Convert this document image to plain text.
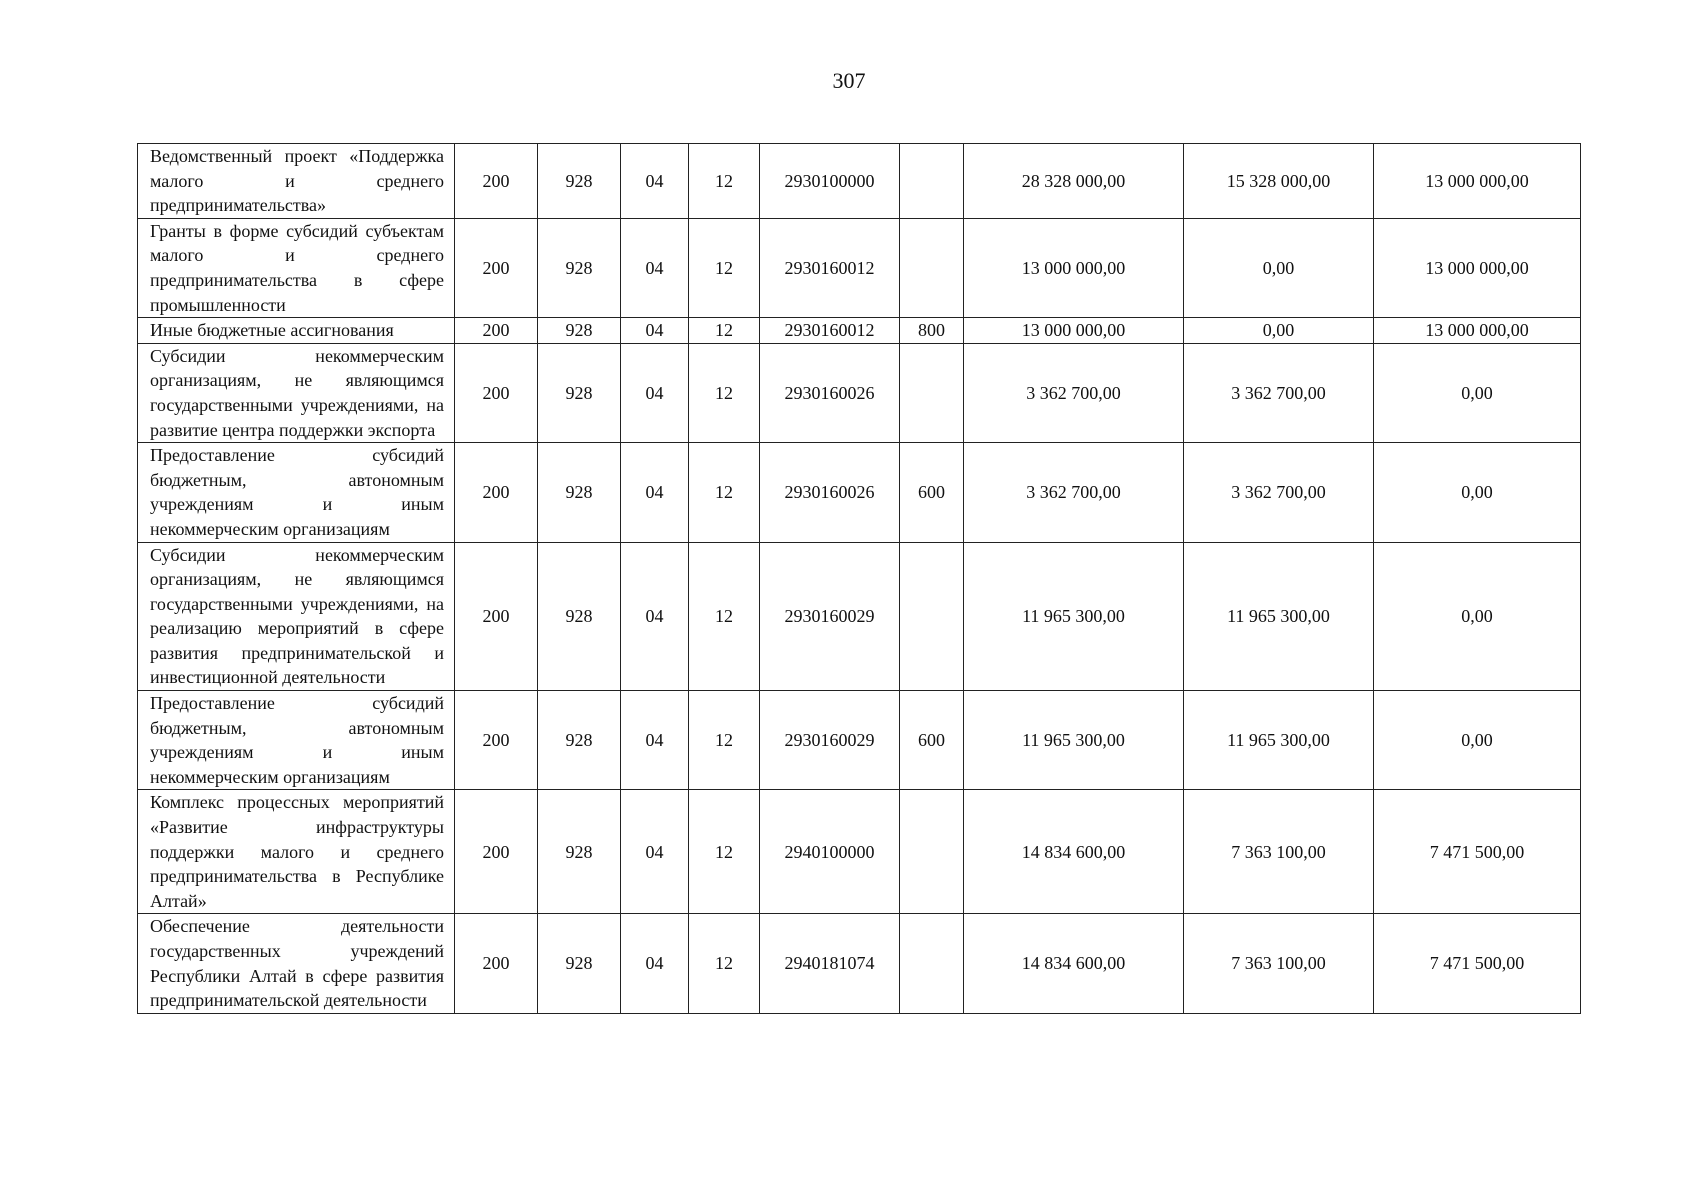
307
Ведомственный проект «Поддержка малого и среднего предпринимательства»	200	928	04	12	2930100000		28 328 000,00	15 328 000,00	13 000 000,00
Гранты в форме субсидий субъектам малого и среднего предпринимательства в сфере промышленности	200	928	04	12	2930160012		13 000 000,00	0,00	13 000 000,00
Иные бюджетные ассигнования	200	928	04	12	2930160012	800	13 000 000,00	0,00	13 000 000,00
Субсидии некоммерческим организациям, не являющимся государственными учреждениями, на развитие центра поддержки экспорта	200	928	04	12	2930160026		3 362 700,00	3 362 700,00	0,00
Предоставление субсидий бюджетным, автономным учреждениям и иным некоммерческим организациям	200	928	04	12	2930160026	600	3 362 700,00	3 362 700,00	0,00
Субсидии некоммерческим организациям, не являющимся государственными учреждениями, на реализацию мероприятий в сфере развития предпринимательской и инвестиционной деятельности	200	928	04	12	2930160029		11 965 300,00	11 965 300,00	0,00
Предоставление субсидий бюджетным, автономным учреждениям и иным некоммерческим организациям	200	928	04	12	2930160029	600	11 965 300,00	11 965 300,00	0,00
Комплекс процессных мероприятий «Развитие инфраструктуры поддержки малого и среднего предпринимательства в Республике Алтай»	200	928	04	12	2940100000		14 834 600,00	7 363 100,00	7 471 500,00
Обеспечение деятельности государственных учреждений Республики Алтай в сфере развития предпринимательской деятельности	200	928	04	12	2940181074		14 834 600,00	7 363 100,00	7 471 500,00
